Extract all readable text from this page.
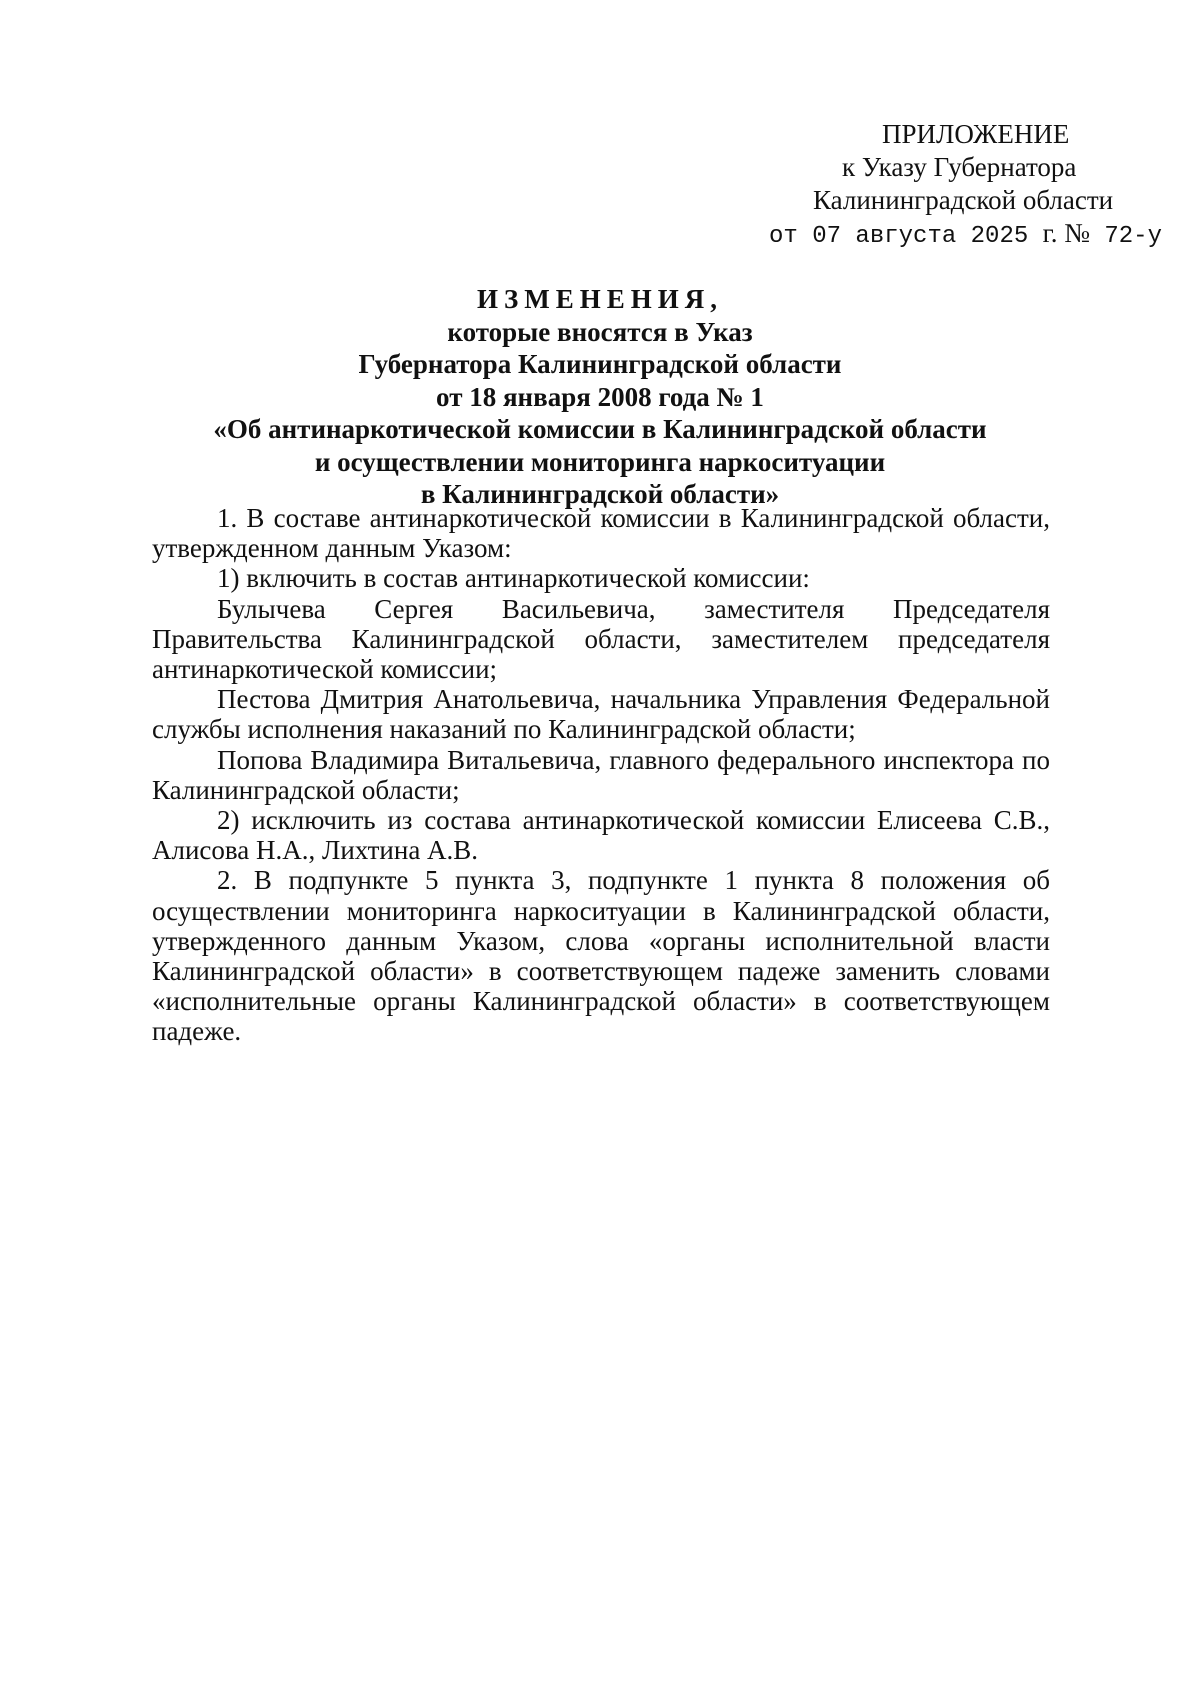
ПРИЛОЖЕНИЕ
к Указу Губернатора
Калининградской области
от 07 августа 2025 г. № 72-у
ИЗМЕНЕНИЯ,
которые вносятся в Указ
Губернатора Калининградской области
от 18 января 2008 года № 1
«Об антинаркотической комиссии в Калининградской области
и осуществлении мониторинга наркоситуации
в Калининградской области»

1. В составе антинаркотической комиссии в Калининградской области, утвержденном данным Указом:

1) включить в состав антинаркотической комиссии:

Булычева Сергея Васильевича, заместителя Председателя Правительства Калининградской области, заместителем председателя антинаркотической комиссии;

Пестова Дмитрия Анатольевича, начальника Управления Федеральной службы исполнения наказаний по Калининградской области;

Попова Владимира Витальевича, главного федерального инспектора по Калининградской области;

2) исключить из состава антинаркотической комиссии Елисеева С.В., Алисова Н.А., Лихтина А.В.

2. В подпункте 5 пункта 3, подпункте 1 пункта 8 положения об осуществлении мониторинга наркоситуации в Калининградской области, утвержденного данным Указом, слова «органы исполнительной власти Калининградской области» в соответствующем падеже заменить словами «исполнительные органы Калининградской области» в соответствующем падеже.
